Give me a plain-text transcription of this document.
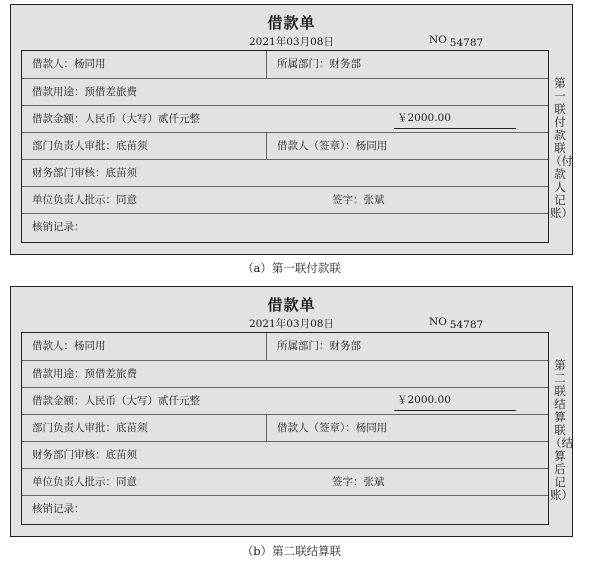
借款单
2021年03月08日	NO 54787
借款人：杨同用	所属部门：财务部
借款用途：预借差旅费
借款金额：人民币（大写）贰仟元整	￥2000.00
部门负责人审批：底苗须	借款人（签章）：杨同用
财务部门审核：底苗须
单位负责人批示：同意	签字：张斌
核销记录：
第一联付款联（付款人记账）
（a）第一联付款联
借款单
2021年03月08日	NO 54787
借款人：杨同用	所属部门：财务部
借款用途：预借差旅费
借款金额：人民币（大写）贰仟元整	￥2000.00
部门负责人审批：底苗须	借款人（签章）：杨同用
财务部门审核：底苗须
单位负责人批示：同意	签字：张斌
核销记录：
第二联结算联（结算后记账）
（b）第二联结算联
